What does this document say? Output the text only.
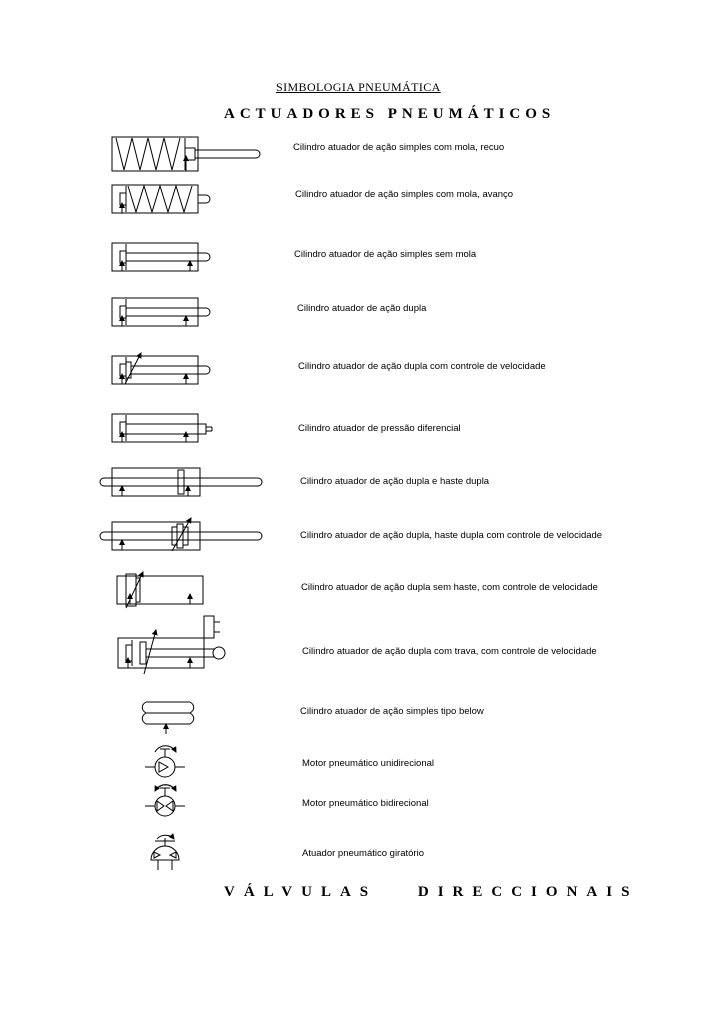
SIMBOLOGIA PNEUMÁTICA
ACTUADORES PNEUMÁTICOS
Cilindro atuador de ação simples com mola, recuo
Cilindro atuador de ação simples com mola, avanço
Cilindro atuador de ação simples sem mola
Cilindro atuador de ação dupla
Cilindro atuador de ação dupla com controle de velocidade
Cilindro atuador de pressão diferencial
Cilindro atuador de ação dupla e haste dupla
Cilindro atuador de ação dupla, haste dupla com controle de velocidade
Cilindro atuador de ação dupla sem haste, com controle de velocidade
Cilindro atuador de ação dupla com trava, com controle de velocidade
Cilindro atuador de ação simples tipo below
Motor pneumático unidirecional
Motor pneumático bidirecional
Atuador pneumático giratório
VÁLVULAS DIRECCIONAIS
